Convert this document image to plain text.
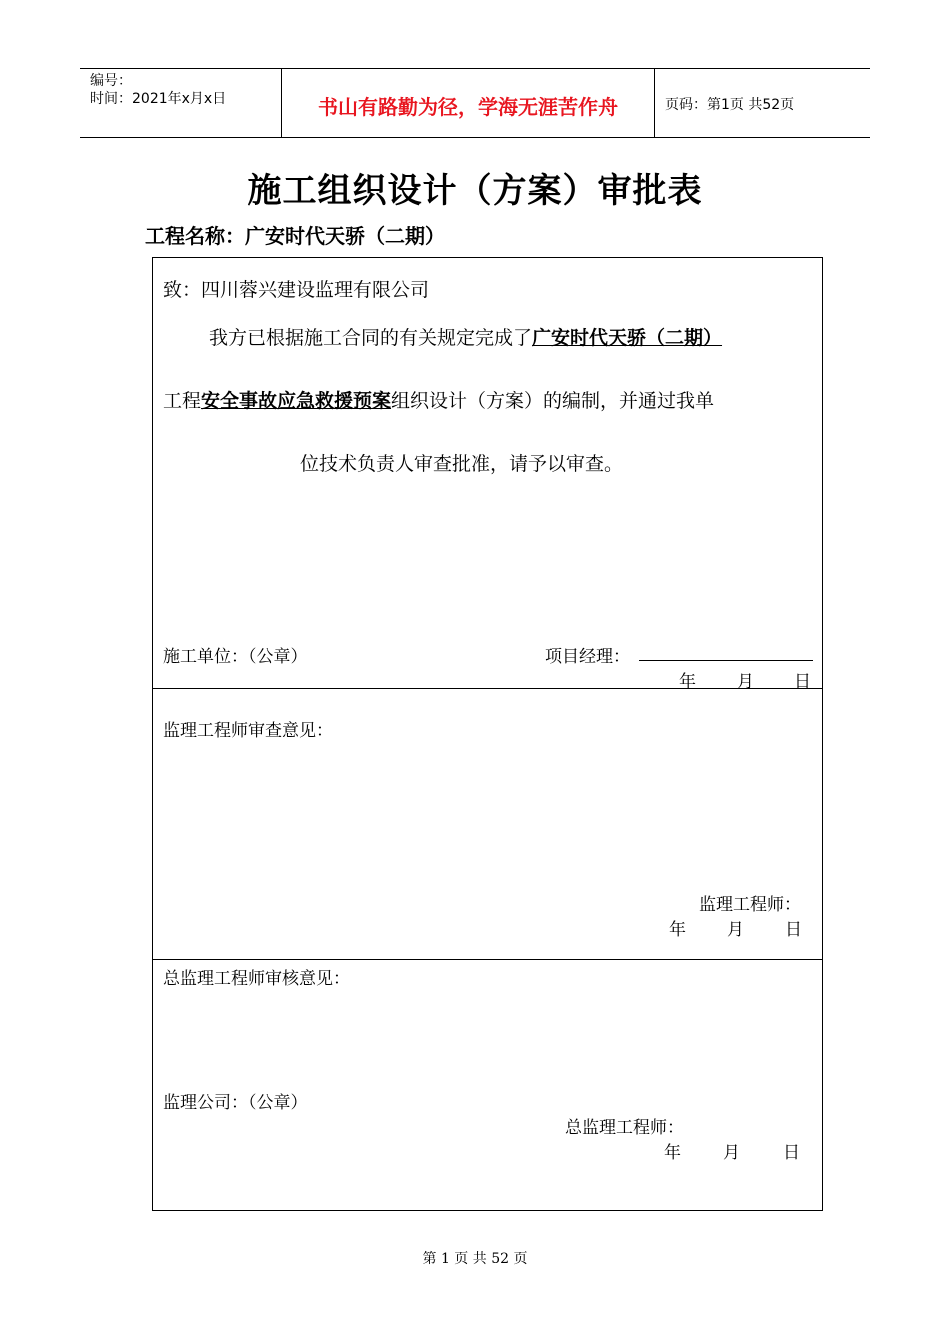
编号：
时间：2021年x月x日	书山有路勤为径，学海无涯苦作舟	页码：第1页 共52页
施工组织设计（方案）审批表
工程名称：广安时代天骄（二期）
致：四川蓉兴建设监理有限公司
我方已根据施工合同的有关规定完成了广安时代天骄（二期）
工程安全事故应急救援预案组织设计（方案）的编制，并通过我单
位技术负责人审查批准，请予以审查。
施工单位：（公章）	项目经理：
年 月 日
监理工程师审查意见：
监理工程师：
年 月 日
总监理工程师审核意见：
监理公司：（公章）
总监理工程师：
年 月	日
第 1 页 共 52 页
